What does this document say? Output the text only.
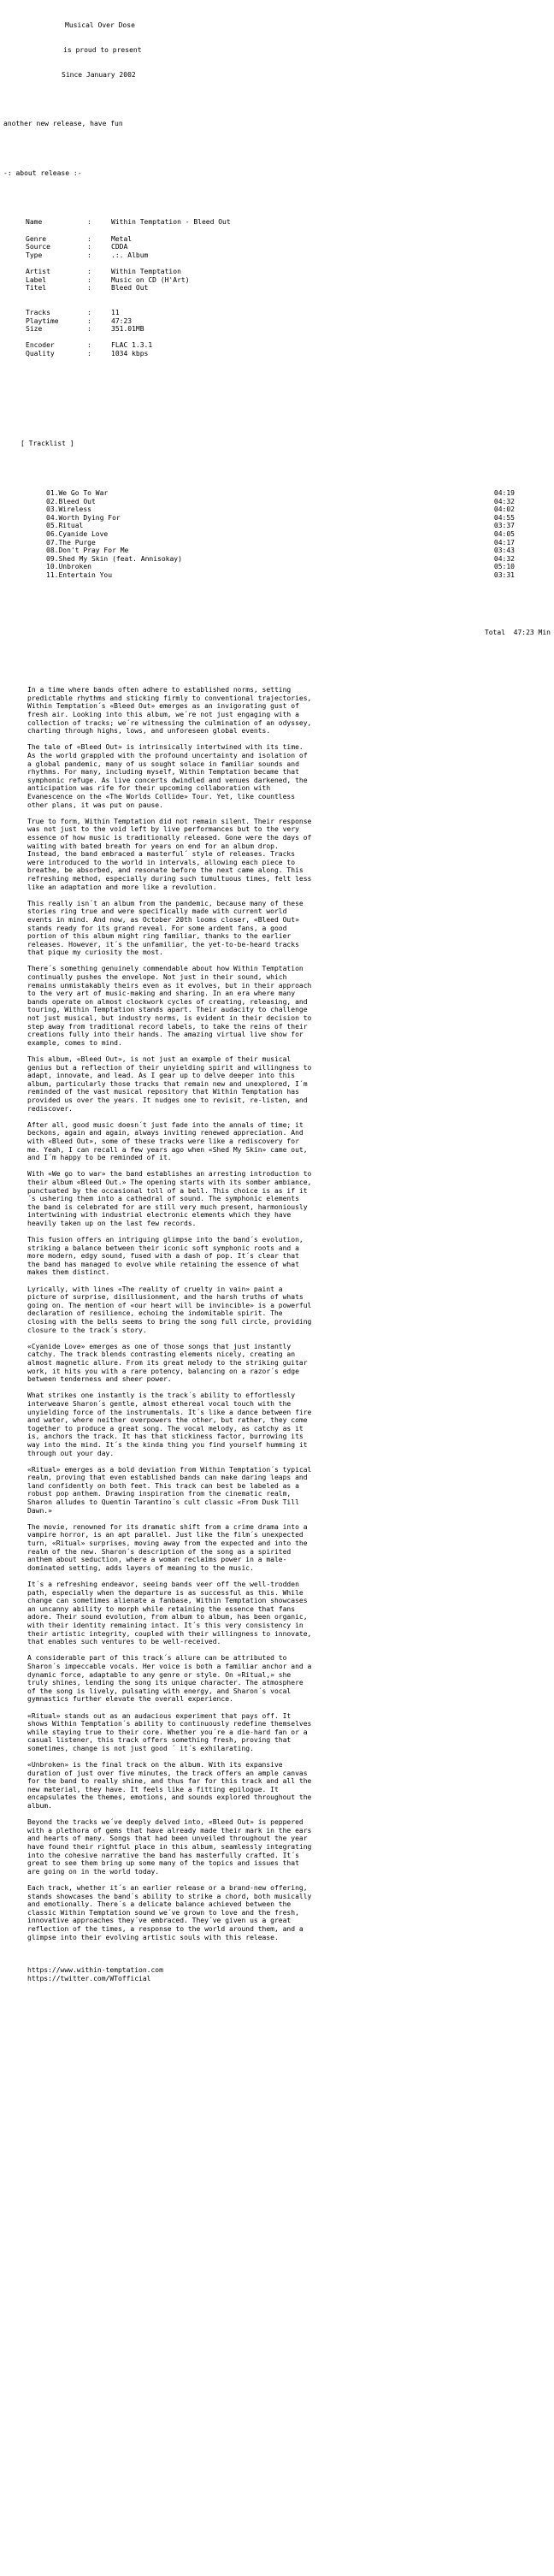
Musical Over Dose

is proud to present

Since January 2002

another new release, have fun

-: about release :-

Name	:  Within Temptation - Bleed Out
Genre	:  Metal
Source	:  CDDA
Type	:  .:. Album
Artist	:  Within Temptation
Label	:  Music on CD (H'Art)
Titel	:  Bleed Out
Tracks	:  11
Playtime	:  47:23
Size	:  351.01MB
Encoder	:  FLAC 1.3.1
Quality	:  1034 kbps

[ Tracklist ]

01.We Go To War	04:19
02.Bleed Out	04:32
03.Wireless	04:02
04.Worth Dying For	04:55
05.Ritual	03:37
06.Cyanide Love	04:05
07.The Purge	04:17
08.Don't Pray For Me	03:43
09.Shed My Skin (feat. Annisokay)	04:32
10.Unbroken	05:10
11.Entertain You	03:31

Total
47:23 Min

In a time where bands often adhere to established norms, setting predictable rhythms and sticking firmly to conventional trajectories, Within Temptation´s «Bleed Out» emerges as an invigorating gust of fresh air. Looking into this album, we´re not just engaging with a collection of tracks; we´re witnessing the culmination of an odyssey, charting through highs, lows, and unforeseen global events.
The tale of «Bleed Out» is intrinsically intertwined with its time. As the world grappled with the profound uncertainty and isolation of a global pandemic, many of us sought solace in familiar sounds and rhythms. For many, including myself, Within Temptation became that symphonic refuge. As live concerts dwindled and venues darkened, the anticipation was rife for their upcoming collaboration with Evanescence on the «The Worlds Collide» Tour. Yet, like countless other plans, it was put on pause.
True to form, Within Temptation did not remain silent. Their response was not just to the void left by live performances but to the very essence of how music is traditionally released. Gone were the days of waiting with bated breath for years on end for an album drop. Instead, the band embraced a masterful´ style of releases. Tracks were introduced to the world in intervals, allowing each piece to breathe, be absorbed, and resonate before the next came along. This refreshing method, especially during such tumultuous times, felt less like an adaptation and more like a revolution.
This really isn´t an album from the pandemic, because many of these stories ring true and were specifically made with current world events in mind. And now, as October 20th looms closer, «Bleed Out» stands ready for its grand reveal. For some ardent fans, a good portion of this album might ring familiar, thanks to the earlier releases. However, it´s the unfamiliar, the yet-to-be-heard tracks that pique my curiosity the most.
There´s something genuinely commendable about how Within Temptation continually pushes the envelope. Not just in their sound, which remains unmistakably theirs even as it evolves, but in their approach to the very art of music-making and sharing. In an era where many bands operate on almost clockwork cycles of creating, releasing, and touring, Within Temptation stands apart. Their audacity to challenge not just musical, but industry norms, is evident in their decision to step away from traditional record labels, to take the reins of their creations fully into their hands. The amazing virtual live show for example, comes to mind.
This album, «Bleed Out», is not just an example of their musical genius but a reflection of their unyielding spirit and willingness to adapt, innovate, and lead. As I gear up to delve deeper into this album, particularly those tracks that remain new and unexplored, I´m reminded of the vast musical repository that Within Temptation has provided us over the years. It nudges one to revisit, re-listen, and rediscover.
After all, good music doesn´t just fade into the annals of time; it beckons, again and again, always inviting renewed appreciation. And with «Bleed Out», some of these tracks were like a rediscovery for me. Yeah, I can recall a few years ago when «Shed My Skin» came out, and I´m happy to be reminded of it.
With «We go to war» the band establishes an arresting introduction to their album «Bleed Out.» The opening starts with its somber ambiance, punctuated by the occasional toll of a bell. This choice is as if it´s ushering them into a cathedral of sound. The symphonic elements the band is celebrated for are still very much present, harmoniously intertwining with industrial electronic elements which they have heavily taken up on the last few records.
This fusion offers an intriguing glimpse into the band´s evolution, striking a balance between their iconic soft symphonic roots and a more modern, edgy sound, fused with a dash of pop. It´s clear that the band has managed to evolve while retaining the essence of what makes them distinct.
Lyrically, with lines «The reality of cruelty in vain» paint a picture of surprise, disillusionment, and the harsh truths of whats going on. The mention of «our heart will be invincible» is a powerful declaration of resilience, echoing the indomitable spirit. The closing with the bells seems to bring the song full circle, providing closure to the track´s story.
«Cyanide Love» emerges as one of those songs that just instantly catchy. The track blends contrasting elements nicely, creating an almost magnetic allure. From its great melody to the striking guitar work, it hits you with a rare potency, balancing on a razor´s edge between tenderness and sheer power.
What strikes one instantly is the track´s ability to effortlessly interweave Sharon´s gentle, almost ethereal vocal touch with the unyielding force of the instrumentals. It´s like a dance between fire and water, where neither overpowers the other, but rather, they come together to produce a great song. The vocal melody, as catchy as it is, anchors the track. It has that stickiness factor, burrowing its way into the mind. It´s the kinda thing you find yourself humming it through out your day.
«Ritual» emerges as a bold deviation from Within Temptation´s typical realm, proving that even established bands can make daring leaps and land confidently on both feet. This track can best be labeled as a robust pop anthem. Drawing inspiration from the cinematic realm, Sharon alludes to Quentin Tarantino´s cult classic «From Dusk Till Dawn.»
The movie, renowned for its dramatic shift from a crime drama into a vampire horror, is an apt parallel. Just like the film´s unexpected turn, «Ritual» surprises, moving away from the expected and into the realm of the new. Sharon´s description of the song as a spirited anthem about seduction, where a woman reclaims power in a male-dominated setting, adds layers of meaning to the music.
It´s a refreshing endeavor, seeing bands veer off the well-trodden path, especially when the departure is as successful as this. While change can sometimes alienate a fanbase, Within Temptation showcases an uncanny ability to morph while retaining the essence that fans adore. Their sound evolution, from album to album, has been organic, with their identity remaining intact. It´s this very consistency in their artistic integrity, coupled with their willingness to innovate, that enables such ventures to be well-received.
A considerable part of this track´s allure can be attributed to Sharon´s impeccable vocals. Her voice is both a familiar anchor and a dynamic force, adaptable to any genre or style. On «Ritual,» she truly shines, lending the song its unique character. The atmosphere of the song is lively, pulsating with energy, and Sharon´s vocal gymnastics further elevate the overall experience.
«Ritual» stands out as an audacious experiment that pays off. It shows Within Temptation´s ability to continuously redefine themselves while staying true to their core. Whether you´re a die-hard fan or a casual listener, this track offers something fresh, proving that sometimes, change is not just good ´ it´s exhilarating.
«Unbroken» is the final track on the album. With its expansive duration of just over five minutes, the track offers an ample canvas for the band to really shine, and thus far for this track and all the new material, they have. It feels like a fitting epilogue. It encapsulates the themes, emotions, and sounds explored throughout the album.
Beyond the tracks we´ve deeply delved into, «Bleed Out» is peppered with a plethora of gems that have already made their mark in the ears and hearts of many. Songs that had been unveiled throughout the year have found their rightful place in this album, seamlessly integrating into the cohesive narrative the band has masterfully crafted. It´s great to see them bring up some many of the topics and issues that are going on in the world today.
Each track, whether it´s an earlier release or a brand-new offering, stands showcases the band´s ability to strike a chord, both musically and emotionally. There´s a delicate balance achieved between the classic Within Temptation sound we´ve grown to love and the fresh, innovative approaches they´ve embraced. They´ve given us a great reflection of the times, a response to the world around them, and a glimpse into their evolving artistic souls with this release.

https://www.within-temptation.com
https://twitter.com/WTofficial
